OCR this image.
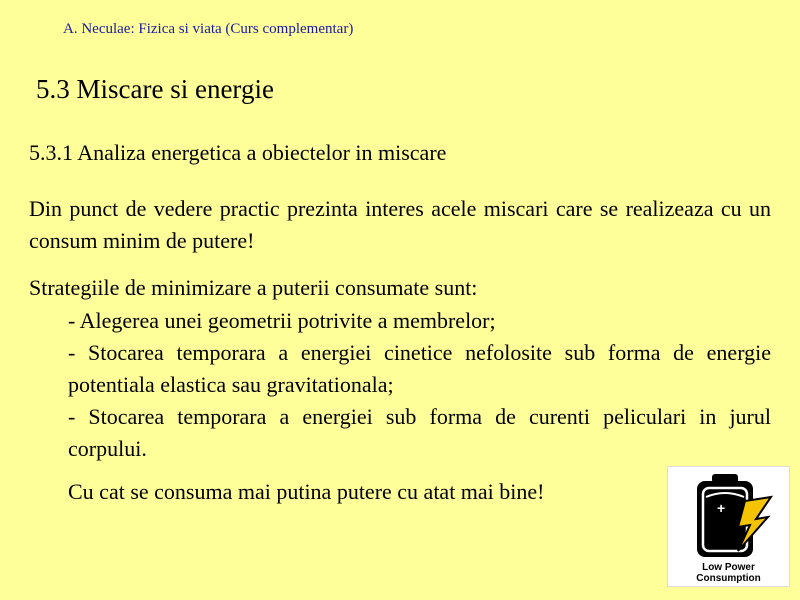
A. Neculae: Fizica si viata (Curs complementar)
5.3 Miscare si energie
5.3.1 Analiza energetica a obiectelor in miscare
Din punct de vedere practic prezinta interes acele miscari care se realizeaza cu un consum minim de putere!
Strategiile de minimizare a puterii consumate sunt:

- Alegerea unei geometrii potrivite a membrelor;

- Stocarea temporara a energiei cinetice nefolosite sub forma de energie potentiala elastica sau gravitationala;

- Stocarea temporara a energiei sub forma de curenti peliculari in jurul corpului.

Cu cat se consuma mai putina putere cu atat mai bine!
+
Low Power
Consumption
